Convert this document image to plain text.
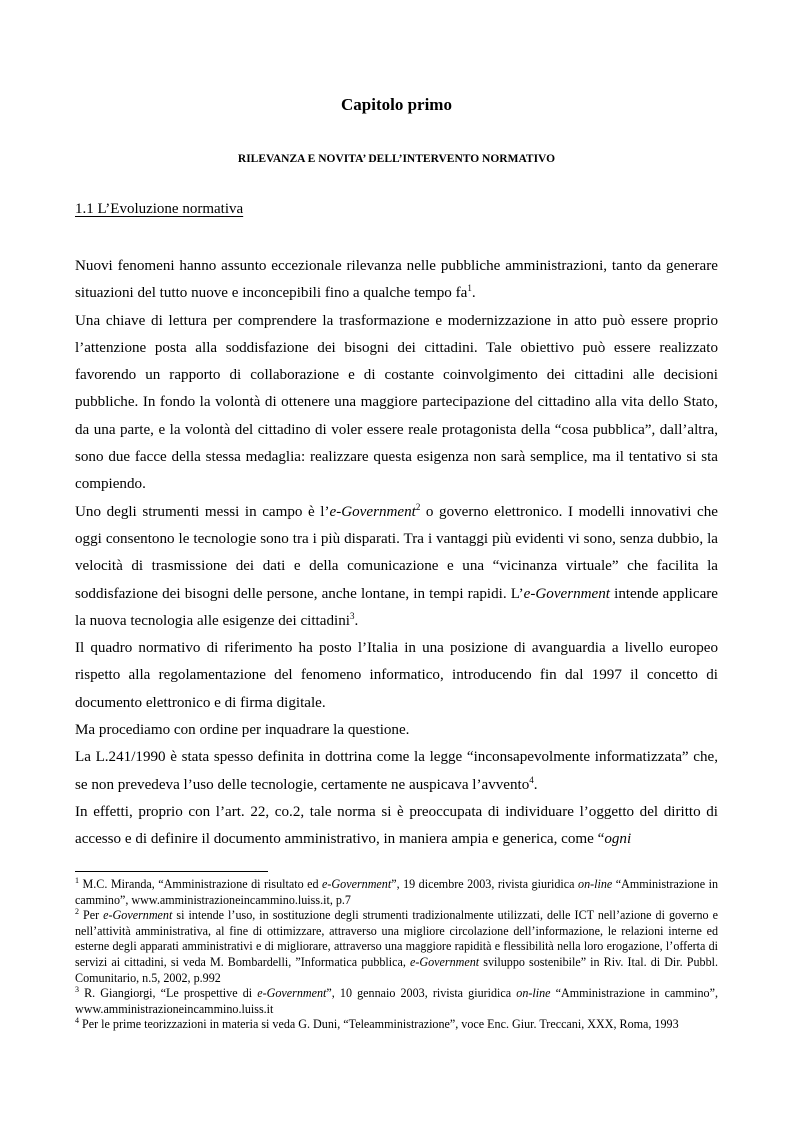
Capitolo primo
RILEVANZA E NOVITA’ DELL’INTERVENTO NORMATIVO
1.1 L’Evoluzione normativa

Nuovi fenomeni hanno assunto eccezionale rilevanza nelle pubbliche amministrazioni, tanto da generare situazioni del tutto nuove e inconcepibili fino a qualche tempo $fa^1$.

Una chiave di lettura per comprendere la trasformazione e modernizzazione in atto può essere proprio l’attenzione posta alla soddisfazione dei bisogni dei cittadini. Tale obiettivo può essere realizzato favorendo un rapporto di collaborazione e di costante coinvolgimento dei cittadini alle decisioni pubbliche. In fondo la volontà di ottenere una maggiore partecipazione del cittadino alla vita dello Stato, da una parte, e la volontà del cittadino di voler essere reale protagonista della “cosa pubblica”, dall’altra, sono due facce della stessa medaglia: realizzare questa esigenza non sarà semplice, ma il tentativo si sta compiendo.

Uno degli strumenti messi in campo è l’e-Government$^2$ o governo elettronico. I modelli innovativi che oggi consentono le tecnologie sono tra i più disparati. Tra i vantaggi più evidenti vi sono, senza dubbio, la velocità di trasmissione dei dati e della comunicazione e una “vicinanza virtuale” che facilita la soddisfazione dei bisogni delle persone, anche lontane, in tempi rapidi. L’e-Government intende applicare la nuova tecnologia alle esigenze dei cittadini$^3$.

Il quadro normativo di riferimento ha posto l’Italia in una posizione di avanguardia a livello europeo rispetto alla regolamentazione del fenomeno informatico, introducendo fin dal 1997 il concetto di documento elettronico e di firma digitale.

Ma procediamo con ordine per inquadrare la questione.

La L.241/1990 è stata spesso definita in dottrina come la legge “inconsapevolmente informatizzata” che, se non prevedeva l’uso delle tecnologie, certamente ne auspicava l’avvento$^4$.

In effetti, proprio con l’art. 22, co.2, tale norma si è preoccupata di individuare l’oggetto del diritto di accesso e di definire il documento amministrativo, in maniera ampia e generica, come “ogni

$^1$ M.C. Miranda, “Amministrazione di risultato ed e-Government”, 19 dicembre 2003, rivista giuridica on-line “Amministrazione in cammino”, www.amministrazioneincammino.luiss.it, p.7

$^2$ Per e-Government si intende l’uso, in sostituzione degli strumenti tradizionalmente utilizzati, delle ICT nell’azione di governo e nell’attività amministrativa, al fine di ottimizzare, attraverso una migliore circolazione dell’informazione, le relazioni interne ed esterne degli apparati amministrativi e di migliorare, attraverso una maggiore rapidità e flessibilità nella loro erogazione, l’offerta di servizi ai cittadini, si veda M. Bombardelli, ”Informatica pubblica, e-Government sviluppo sostenibile” in Riv. Ital. di Dir. Pubbl. Comunitario, n.5, 2002, p.992

$^3$ R. Giangiorgi, “Le prospettive di e-Government”, 10 gennaio 2003, rivista giuridica on-line “Amministrazione in cammino”, www.amministrazioneincammino.luiss.it

$^4$ Per le prime teorizzazioni in materia si veda G. Duni, “Teleamministrazione”, voce Enc. Giur. Treccani, XXX, Roma, 1993
